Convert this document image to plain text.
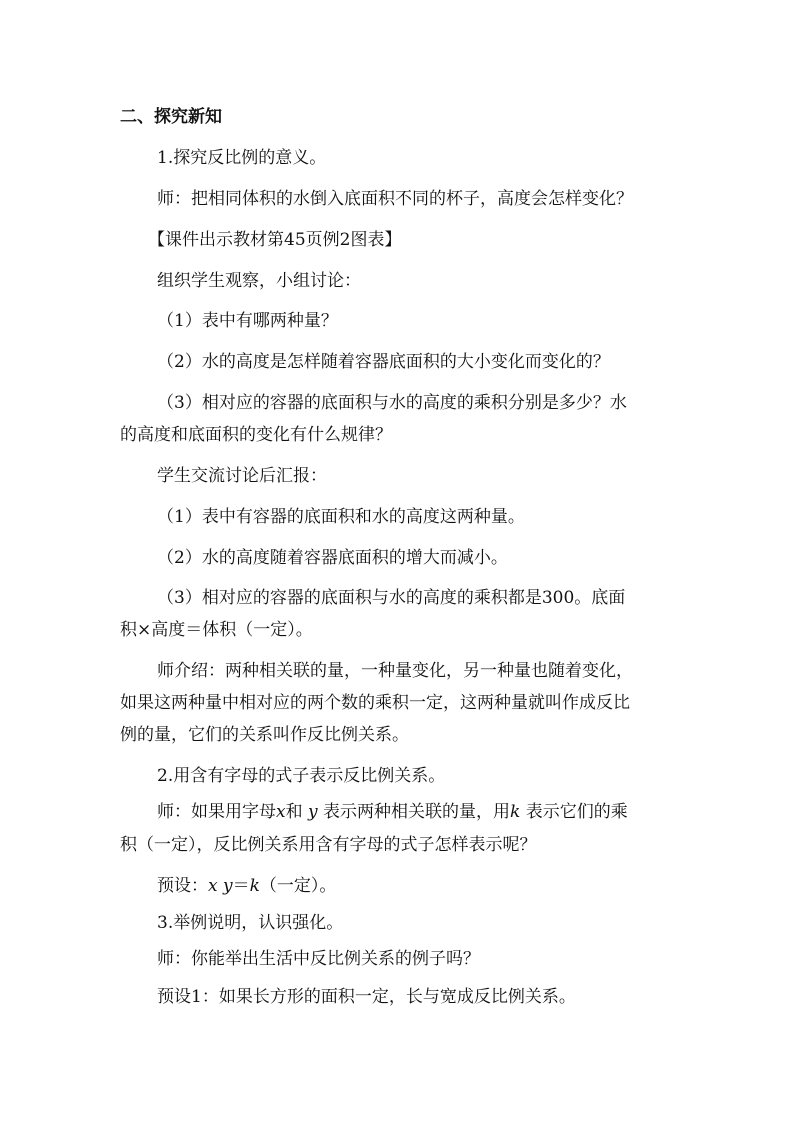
二、探究新知
1.探究反比例的意义。
师：把相同体积的水倒入底面积不同的杯子，高度会怎样变化？
【课件出示教材第45页例2图表】
组织学生观察，小组讨论：
（1）表中有哪两种量？
（2）水的高度是怎样随着容器底面积的大小变化而变化的？
（3）相对应的容器的底面积与水的高度的乘积分别是多少？水
的高度和底面积的变化有什么规律？
学生交流讨论后汇报：
（1）表中有容器的底面积和水的高度这两种量。
（2）水的高度随着容器底面积的增大而减小。
（3）相对应的容器的底面积与水的高度的乘积都是300。底面
积×高度＝体积（一定）。
师介绍：两种相关联的量，一种量变化，另一种量也随着变化，
如果这两种量中相对应的两个数的乘积一定，这两种量就叫作成反比
例的量，它们的关系叫作反比例关系。
2.用含有字母的式子表示反比例关系。
师：如果用字母x和 y 表示两种相关联的量，用k 表示它们的乘
积（一定），反比例关系用含有字母的式子怎样表示呢？
预设：x y＝k（一定）。
3.举例说明，认识强化。
师：你能举出生活中反比例关系的例子吗？
预设1：如果长方形的面积一定，长与宽成反比例关系。
